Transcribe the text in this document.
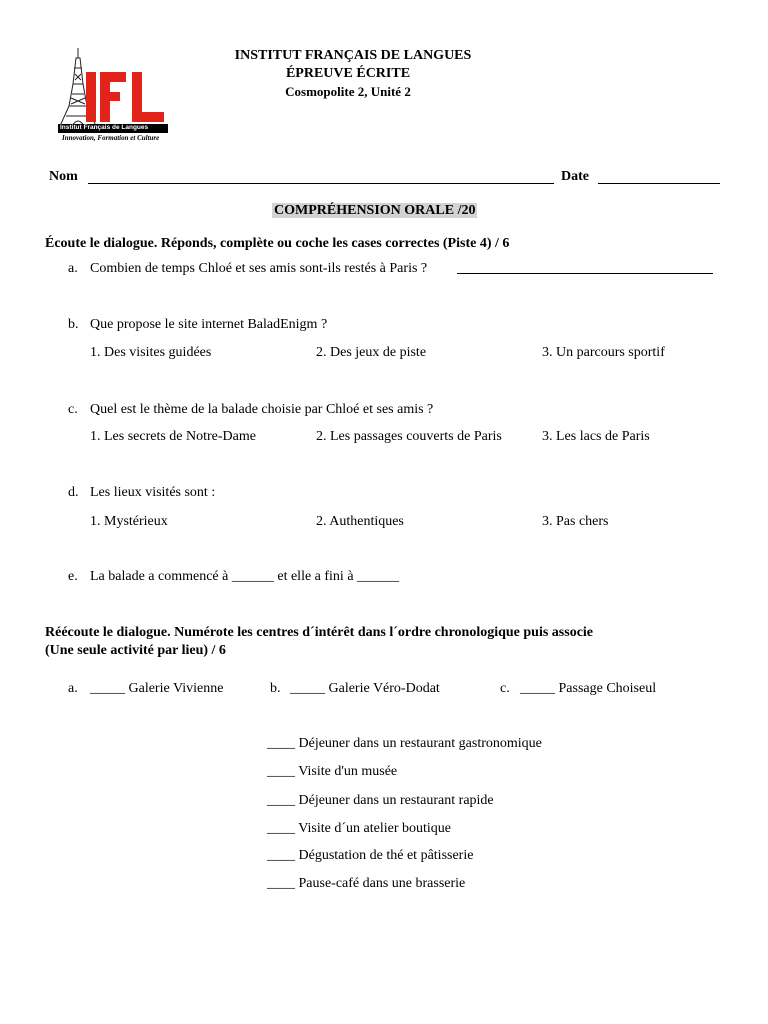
Institut Français de Langues
Innovation, Formation et Culture
INSTITUT FRANÇAIS DE LANGUES
ÉPREUVE ÉCRITE
Cosmopolite 2, Unité 2
Nom	Date
COMPRÉHENSION ORALE /20
Écoute le dialogue. Réponds, complète ou coche les cases correctes (Piste 4) / 6
a. Combien de temps Chloé et ses amis sont-ils restés à Paris ?
b. Que propose le site internet BaladEnigm ?
1. Des visites guidées	2. Des jeux de piste	3. Un parcours sportif
c. Quel est le thème de la balade choisie par Chloé et ses amis ?
1. Les secrets de Notre-Dame	2. Les passages couverts de Paris	3. Les lacs de Paris
d. Les lieux visités sont :
1. Mystérieux	2. Authentiques	3. Pas chers
e. La balade a commencé à ______ et elle a fini à ______
Réécoute le dialogue. Numérote les centres d´intérêt dans l´ordre chronologique puis associe
(Une seule activité par lieu) / 6
a. _____ Galerie Vivienne	b. _____ Galerie Véro-Dodat	c. _____ Passage Choiseul
____ Déjeuner dans un restaurant gastronomique
____ Visite d'un musée
____ Déjeuner dans un restaurant rapide
____ Visite d´un atelier boutique
____ Dégustation de thé et pâtisserie
____ Pause-café dans une brasserie
